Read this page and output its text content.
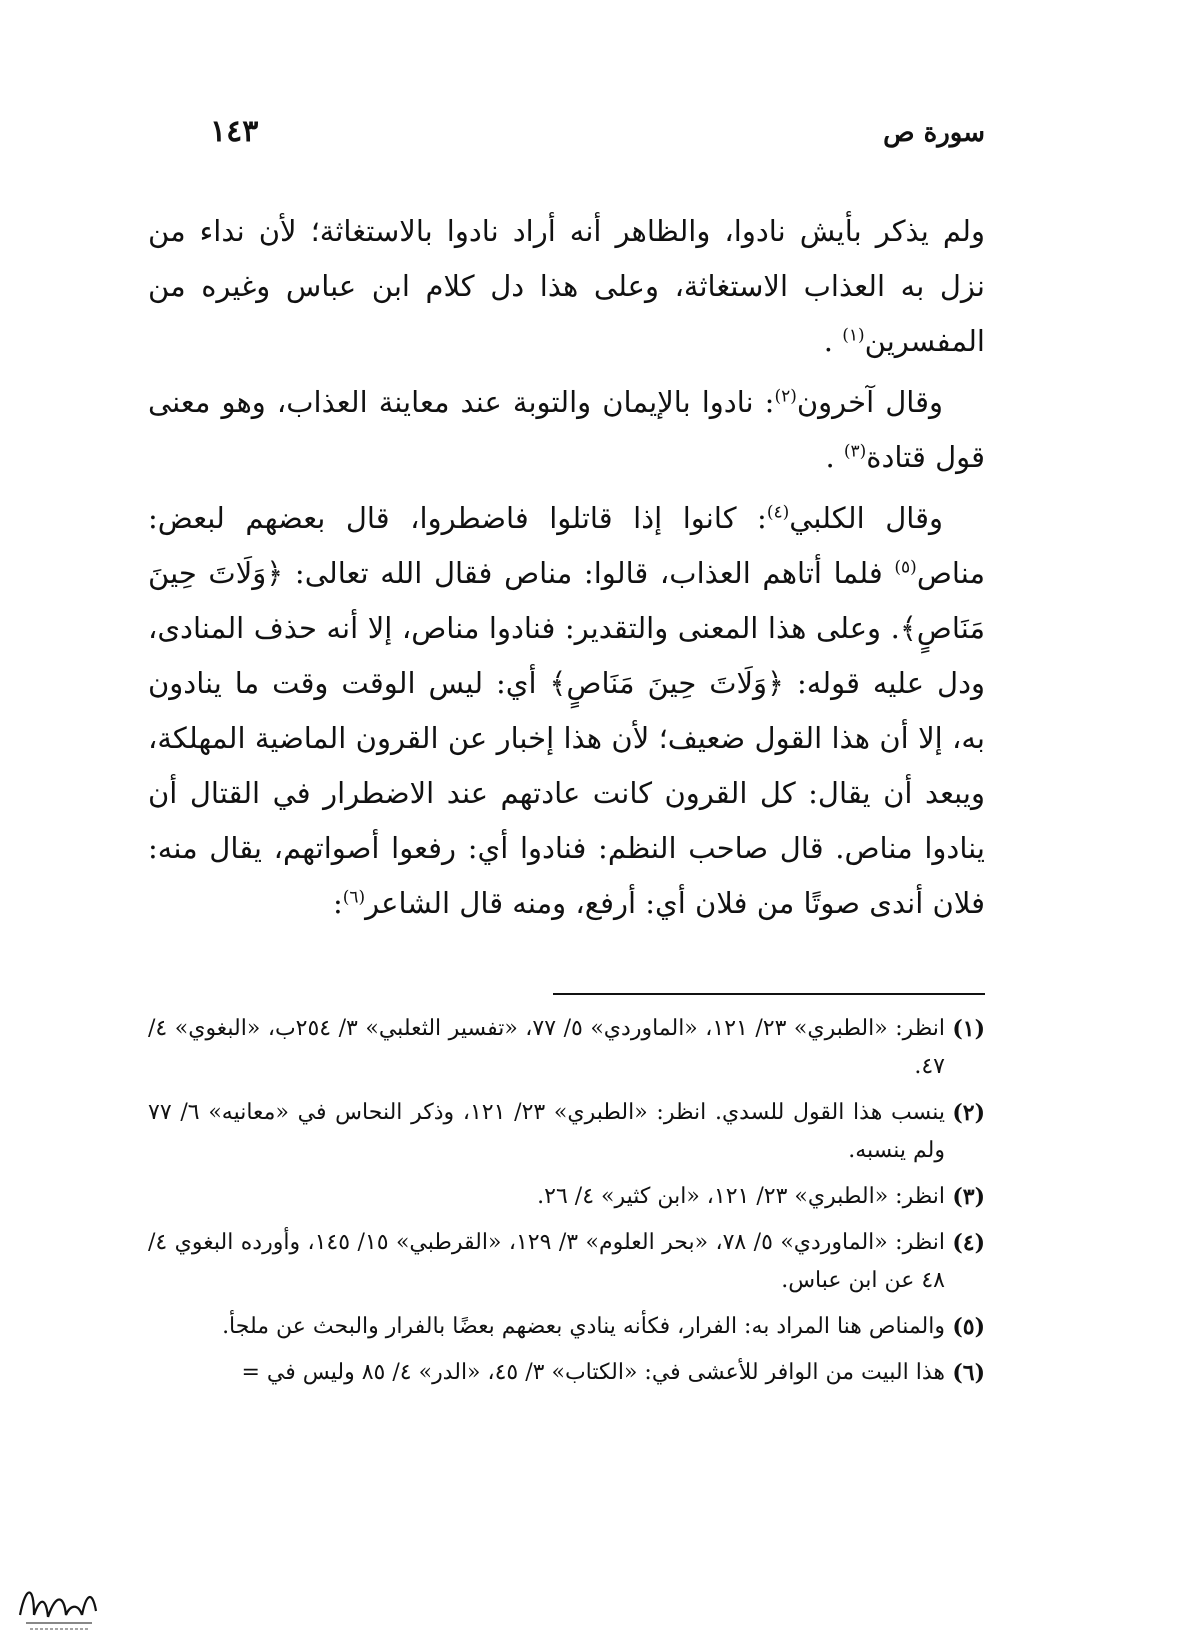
سورة ص
١٤٣

ولم يذكر بأيش نادوا، والظاهر أنه أراد نادوا بالاستغاثة؛ لأن نداء من نزل به العذاب الاستغاثة، وعلى هذا دل كلام ابن عباس وغيره من المفسرين$^{(١)}$ .

وقال آخرون$^{(٢)}$: نادوا بالإيمان والتوبة عند معاينة العذاب، وهو معنى قول قتادة$^{(٣)}$ .

وقال الكلبي$^{(٤)}$: كانوا إذا قاتلوا فاضطروا، قال بعضهم لبعض: مناص$^{(٥)}$ فلما أتاهم العذاب، قالوا: مناص فقال الله تعالى: ﴿وَلَاتَ حِينَ مَنَاصٍ﴾. وعلى هذا المعنى والتقدير: فنادوا مناص، إلا أنه حذف المنادى، ودل عليه قوله: ﴿وَلَاتَ حِينَ مَنَاصٍ﴾ أي: ليس الوقت وقت ما ينادون به، إلا أن هذا القول ضعيف؛ لأن هذا إخبار عن القرون الماضية المهلكة، ويبعد أن يقال: كل القرون كانت عادتهم عند الاضطرار في القتال أن ينادوا مناص. قال صاحب النظم: فنادوا أي: رفعوا أصواتهم، يقال منه: فلان أندى صوتًا من فلان أي: أرفع، ومنه قال الشاعر$^{(٦)}$:

(١)
انظر: «الطبري» ٢٣/ ١٢١، «الماوردي» ٥/ ٧٧، «تفسير الثعلبي» ٣/ ٢٥٤ب، «البغوي» ٤/ ٤٧.
(٢)
ينسب هذا القول للسدي. انظر: «الطبري» ٢٣/ ١٢١، وذكر النحاس في «معانيه» ٦/ ٧٧ ولم ينسبه.
(٣)
انظر: «الطبري» ٢٣/ ١٢١، «ابن كثير» ٤/ ٢٦.
(٤)
انظر: «الماوردي» ٥/ ٧٨، «بحر العلوم» ٣/ ١٢٩، «القرطبي» ١٥/ ١٤٥، وأورده البغوي ٤/ ٤٨ عن ابن عباس.
(٥)
والمناص هنا المراد به: الفرار، فكأنه ينادي بعضهم بعضًا بالفرار والبحث عن ملجأ.
(٦)
هذا البيت من الوافر للأعشى في: «الكتاب» ٣/ ٤٥، «الدر» ٤/ ٨٥ وليس في =
